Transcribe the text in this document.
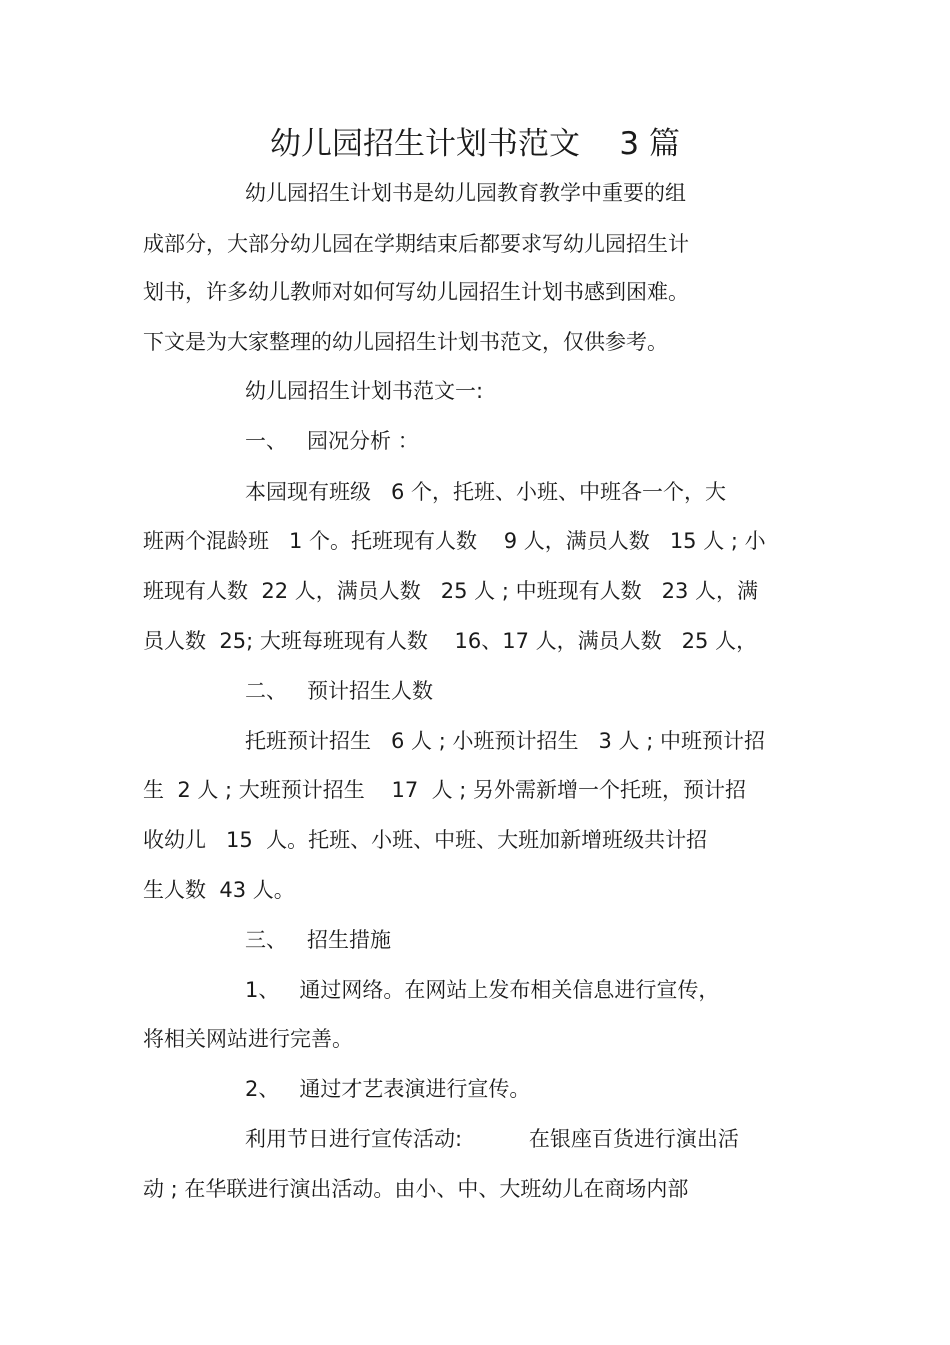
幼儿园招生计划书范文    3 篇
幼儿园招生计划书是幼儿园教育教学中重要的组
成部分，大部分幼儿园在学期结束后都要求写幼儿园招生计
划书，许多幼儿教师对如何写幼儿园招生计划书感到困难。
下文是为大家整理的幼儿园招生计划书范文，仅供参考。
幼儿园招生计划书范文一:
一、   园况分析 ：
本园现有班级   6 个，托班、小班、中班各一个，大
班两个混龄班   1 个。托班现有人数    9 人，满员人数   15 人 ; 小
班现有人数  22 人，满员人数   25 人 ; 中班现有人数   23 人，满
员人数  25; 大班每班现有人数    16、17 人，满员人数   25 人，
二、   预计招生人数
托班预计招生   6 人 ; 小班预计招生   3 人 ; 中班预计招
生  2 人 ; 大班预计招生    17  人 ; 另外需新增一个托班，预计招
收幼儿   15  人。托班、小班、中班、大班加新增班级共计招
生人数  43 人。
三、   招生措施
1、   通过网络。在网站上发布相关信息进行宣传，
将相关网站进行完善。
2、   通过才艺表演进行宣传。
利用节日进行宣传活动:          在银座百货进行演出活
动 ; 在华联进行演出活动。由小、中、大班幼儿在商场内部
